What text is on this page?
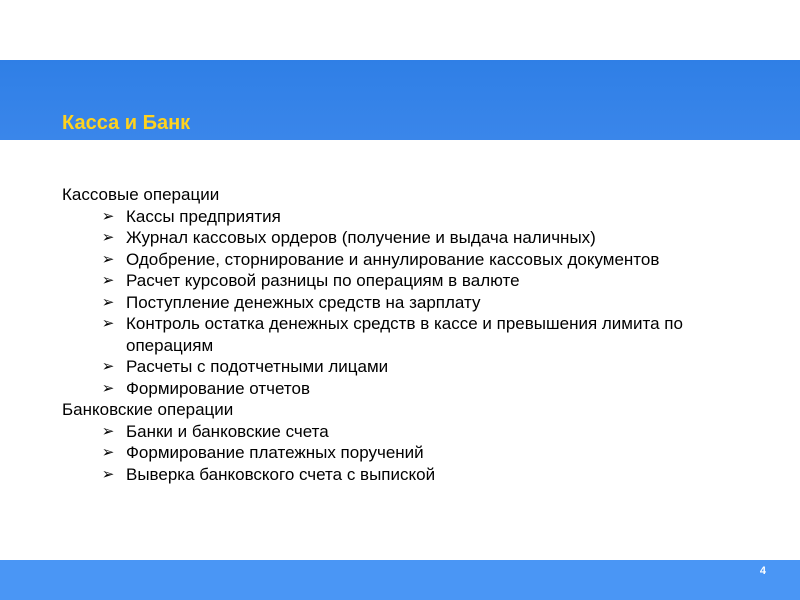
Касса и Банк
Кассовые операции
➢ Кассы предприятия
➢ Журнал кассовых ордеров (получение и выдача наличных)
➢ Одобрение, сторнирование и аннулирование кассовых документов
➢ Расчет курсовой разницы по операциям в валюте
➢ Поступление денежных средств на зарплату
➢ Контроль остатка денежных средств в кассе и превышения лимита по операциям
➢ Расчеты с подотчетными лицами
➢ Формирование отчетов
Банковские операции
➢ Банки и банковские счета
➢ Формирование платежных поручений
➢ Выверка банковского счета с выпиской
4
